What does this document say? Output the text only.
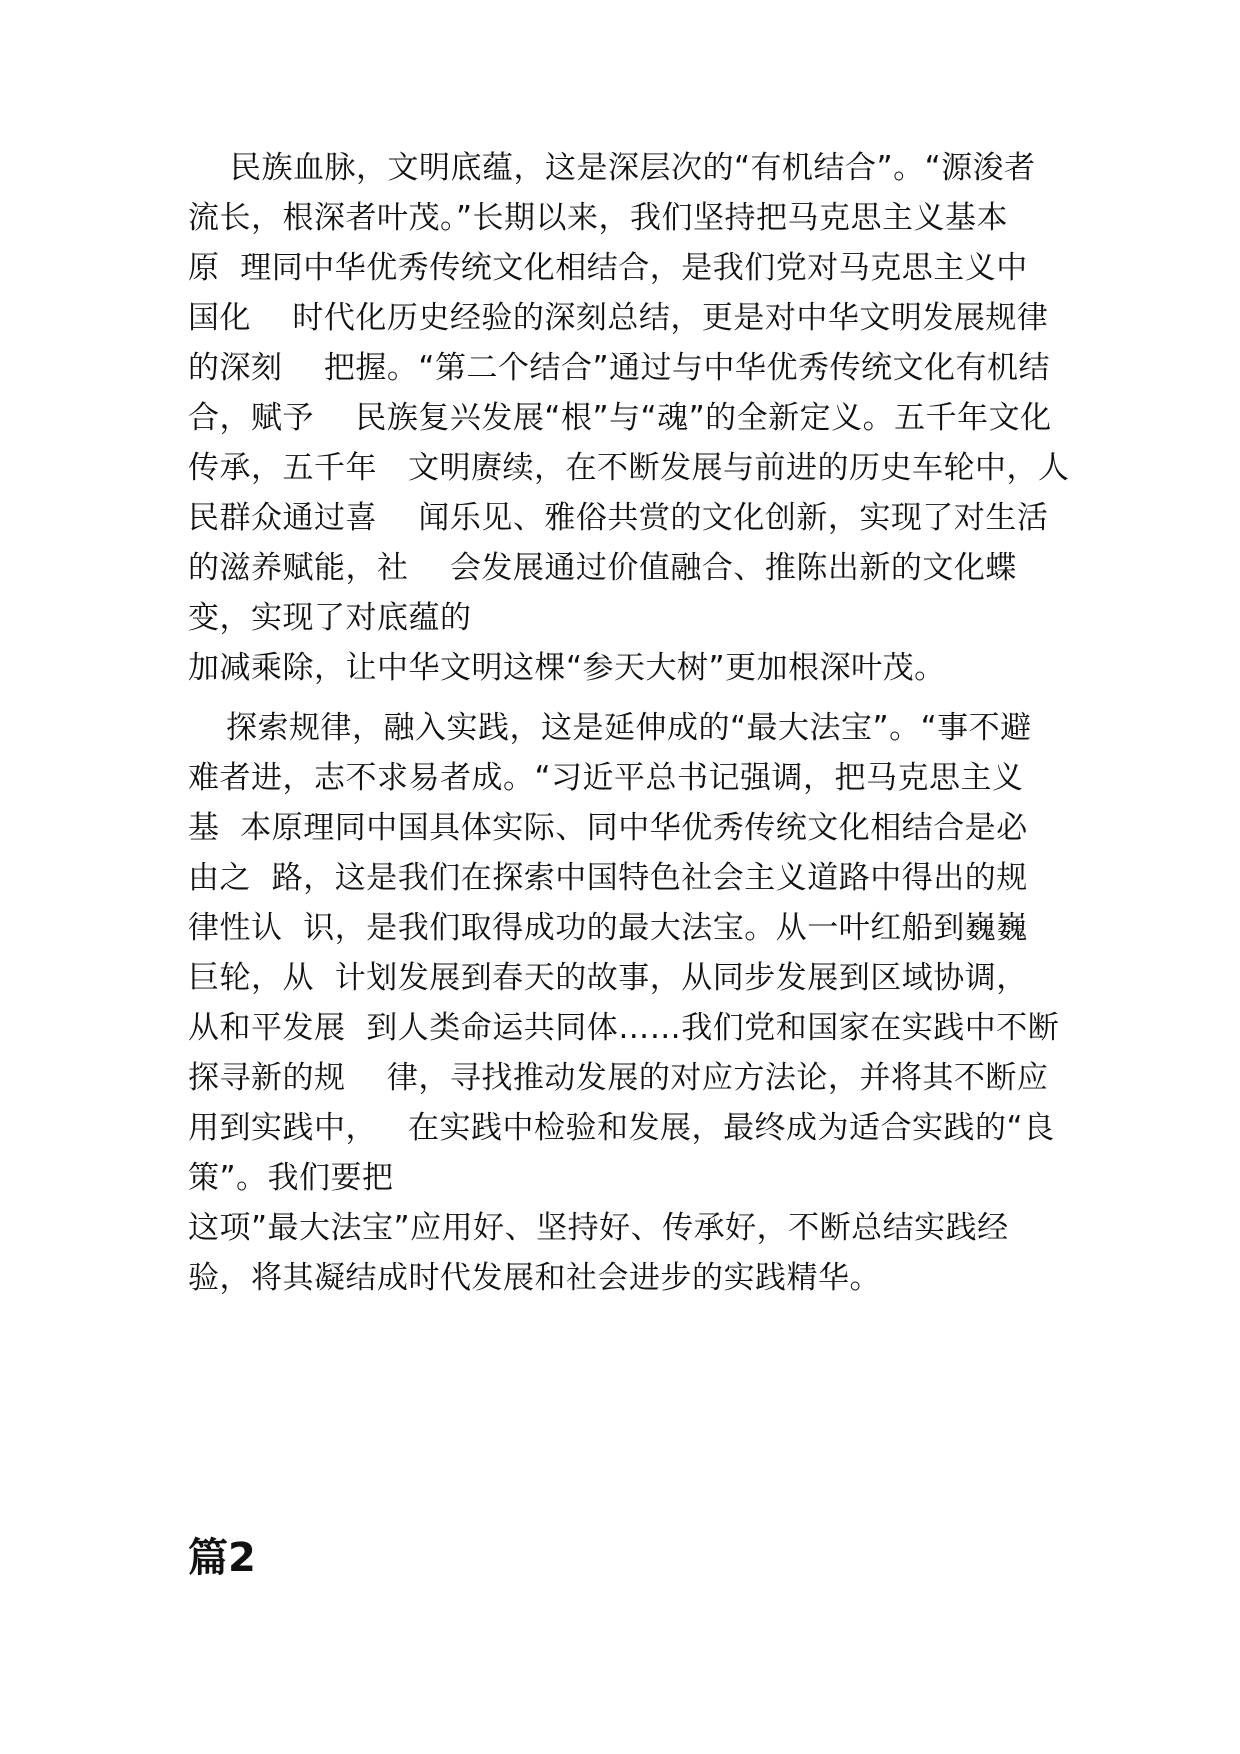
民族血脉，文明底蕴，这是深层次的“有机结合”。“源浚者
流长，根深者叶茂。”长期以来，我们坚持把马克思主义基本
原  理同中华优秀传统文化相结合，是我们党对马克思主义中
国化    时代化历史经验的深刻总结，更是对中华文明发展规律
的深刻    把握。“第二个结合”通过与中华优秀传统文化有机结
合，赋予    民族复兴发展“根”与“魂”的全新定义。五千年文化
传承，五千年   文明赓续，在不断发展与前进的历史车轮中，人
民群众通过喜    闻乐见、雅俗共赏的文化创新，实现了对生活
的滋养赋能，社    会发展通过价值融合、推陈出新的文化蝶
变，实现了对底蕴的
加减乘除，让中华文明这棵“参天大树”更加根深叶茂。
探索规律，融入实践，这是延伸成的“最大法宝”。“事不避
难者进，志不求易者成。“习近平总书记强调，把马克思主义
基  本原理同中国具体实际、同中华优秀传统文化相结合是必
由之  路，这是我们在探索中国特色社会主义道路中得出的规
律性认  识，是我们取得成功的最大法宝。从一叶红船到巍巍
巨轮，从  计划发展到春天的故事，从同步发展到区域协调，
从和平发展  到人类命运共同体……我们党和国家在实践中不断
探寻新的规    律，寻找推动发展的对应方法论，并将其不断应
用到实践中，   在实践中检验和发展，最终成为适合实践的“良
策”。我们要把
这项”最大法宝”应用好、坚持好、传承好，不断总结实践经
验，将其凝结成时代发展和社会进步的实践精华。
篇2
